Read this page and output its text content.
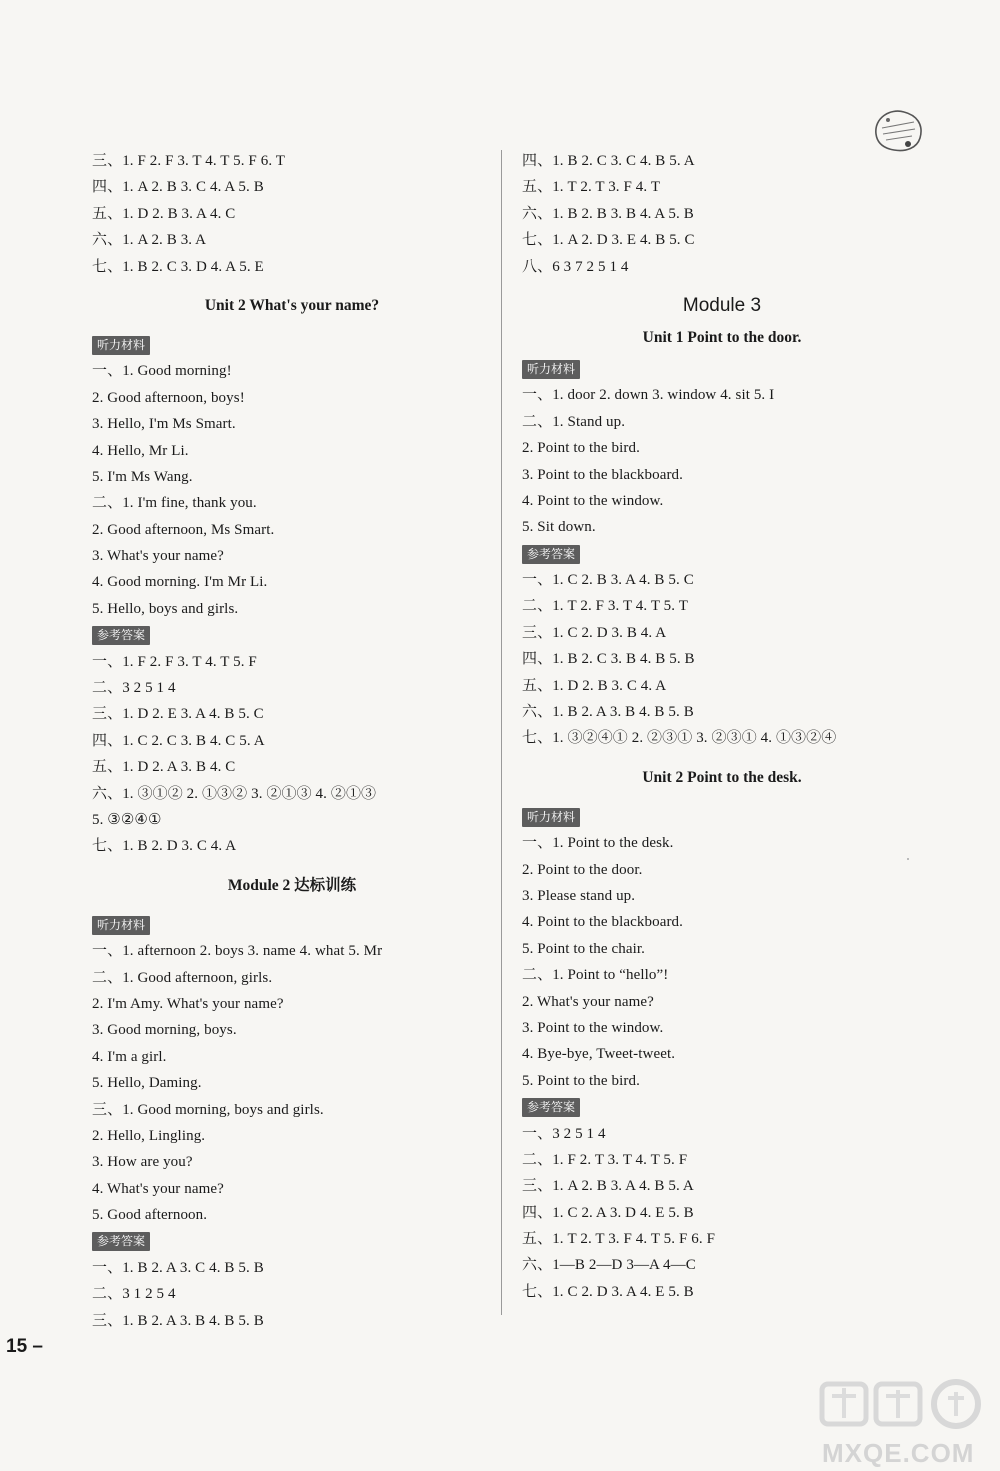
三、1. F 2. F 3. T 4. T 5. F 6. T
四、1. A 2. B 3. C 4. A 5. B
五、1. D 2. B 3. A 4. C
六、1. A 2. B 3. A
七、1. B 2. C 3. D 4. A 5. E
Unit 2 What's your name?
听力材料
一、1. Good morning!
2. Good afternoon, boys!
3. Hello, I'm Ms Smart.
4. Hello, Mr Li.
5. I'm Ms Wang.
二、1. I'm fine, thank you.
2. Good afternoon, Ms Smart.
3. What's your name?
4. Good morning. I'm Mr Li.
5. Hello, boys and girls.
参考答案
一、1. F 2. F 3. T 4. T 5. F
二、3 2 5 1 4
三、1. D 2. E 3. A 4. B 5. C
四、1. C 2. C 3. B 4. C 5. A
五、1. D 2. A 3. B 4. C
六、1. ③①② 2. ①③② 3. ②①③ 4. ②①③
5. ③②④①
七、1. B 2. D 3. C 4. A
Module 2 达标训练
听力材料
一、1. afternoon 2. boys 3. name 4. what 5. Mr
二、1. Good afternoon, girls.
2. I'm Amy. What's your name?
3. Good morning, boys.
4. I'm a girl.
5. Hello, Daming.
三、1. Good morning, boys and girls.
2. Hello, Lingling.
3. How are you?
4. What's your name?
5. Good afternoon.
参考答案
一、1. B 2. A 3. C 4. B 5. B
二、3 1 2 5 4
三、1. B 2. A 3. B 4. B 5. B
四、1. B 2. C 3. C 4. B 5. A
五、1. T 2. T 3. F 4. T
六、1. B 2. B 3. B 4. A 5. B
七、1. A 2. D 3. E 4. B 5. C
八、6 3 7 2 5 1 4
Module 3
Unit 1 Point to the door.
听力材料
一、1. door 2. down 3. window 4. sit 5. I
二、1. Stand up.
2. Point to the bird.
3. Point to the blackboard.
4. Point to the window.
5. Sit down.
参考答案
一、1. C 2. B 3. A 4. B 5. C
二、1. T 2. F 3. T 4. T 5. T
三、1. C 2. D 3. B 4. A
四、1. B 2. C 3. B 4. B 5. B
五、1. D 2. B 3. C 4. A
六、1. B 2. A 3. B 4. B 5. B
七、1. ③②④① 2. ②③① 3. ②③① 4. ①③②④
Unit 2 Point to the desk.
听力材料
一、1. Point to the desk.
2. Point to the door.
3. Please stand up.
4. Point to the blackboard.
5. Point to the chair.
二、1. Point to “hello”!
2. What's your name?
3. Point to the window.
4. Bye-bye, Tweet-tweet.
5. Point to the bird.
参考答案
一、3 2 5 1 4
二、1. F 2. T 3. T 4. T 5. F
三、1. A 2. B 3. A 4. B 5. A
四、1. C 2. A 3. D 4. E 5. B
五、1. T 2. T 3. F 4. T 5. F 6. F
六、1—B 2—D 3—A 4—C
七、1. C 2. D 3. A 4. E 5. B
15 –
MXQE.COM
